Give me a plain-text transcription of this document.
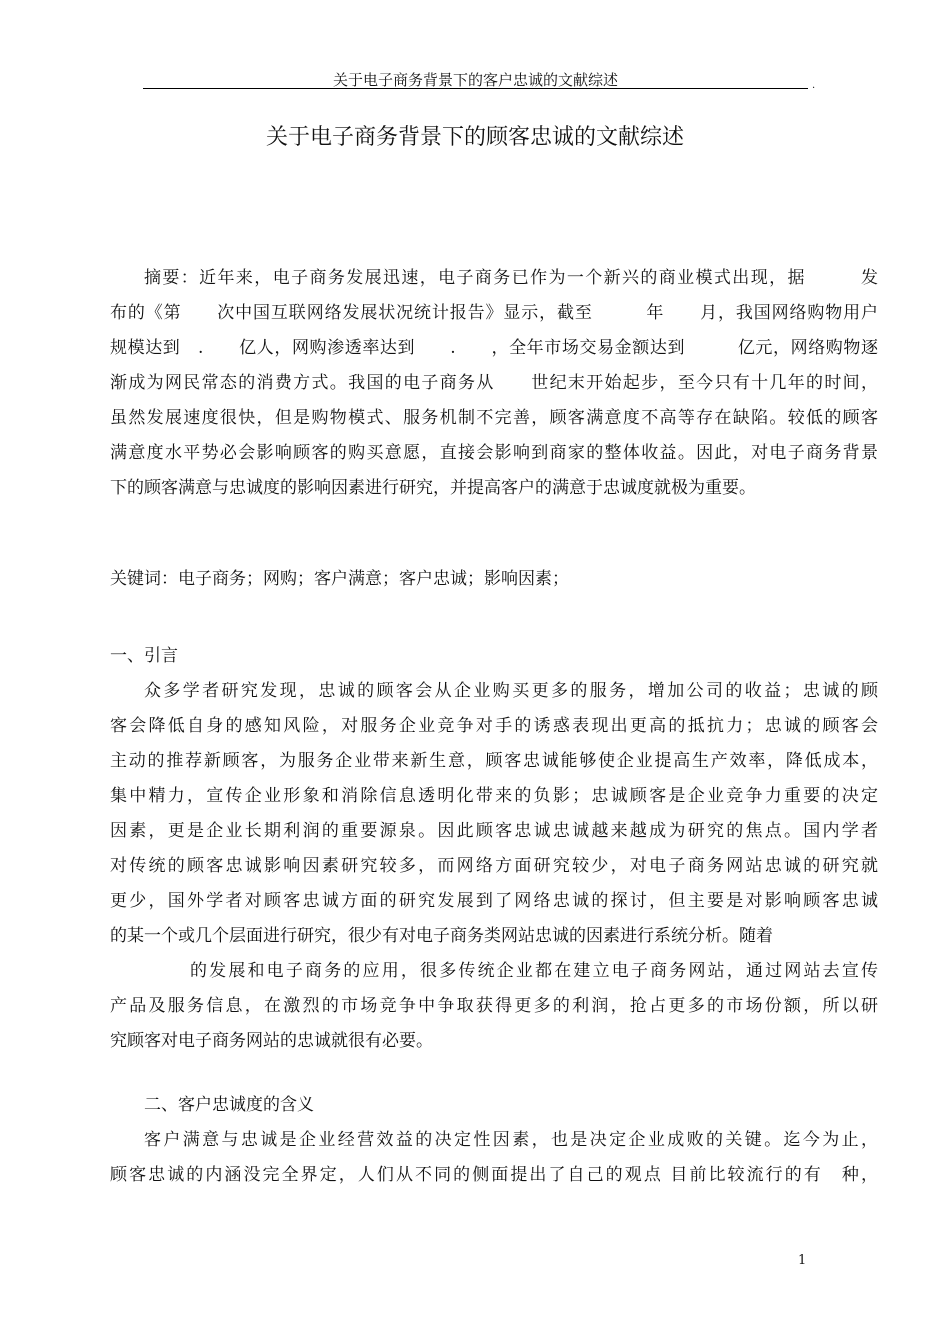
关于电子商务背景下的客户忠诚的文献综述	.
关于电子商务背景下的顾客忠诚的文献综述
摘要：近年来，电子商务发展迅速，电子商务已作为一个新兴的商业模式出现，据　　　发
布的《第　　次中国互联网络发展状况统计报告》显示，截至　　　年　　月，我国网络购物用户
规模达到　.　　亿人，网购渗透率达到　　.　　，全年市场交易金额达到　　　亿元，网络购物逐
渐成为网民常态的消费方式。我国的电子商务从　　世纪末开始起步，至今只有十几年的时间，
虽然发展速度很快，但是购物模式、服务机制不完善，顾客满意度不高等存在缺陷。较低的顾客
满意度水平势必会影响顾客的购买意愿，直接会影响到商家的整体收益。因此，对电子商务背景
下的顾客满意与忠诚度的影响因素进行研究，并提高客户的满意于忠诚度就极为重要。
关键词：电子商务；网购；客户满意；客户忠诚；影响因素；
一、引言
众多学者研究发现，忠诚的顾客会从企业购买更多的服务，增加公司的收益；忠诚的顾
客会降低自身的感知风险，对服务企业竞争对手的诱惑表现出更高的抵抗力；忠诚的顾客会
主动的推荐新顾客，为服务企业带来新生意，顾客忠诚能够使企业提高生产效率，降低成本，
集中精力，宣传企业形象和消除信息透明化带来的负影；忠诚顾客是企业竞争力重要的决定
因素，更是企业长期利润的重要源泉。因此顾客忠诚忠诚越来越成为研究的焦点。国内学者
对传统的顾客忠诚影响因素研究较多，而网络方面研究较少，对电子商务网站忠诚的研究就
更少，国外学者对顾客忠诚方面的研究发展到了网络忠诚的探讨，但主要是对影响顾客忠诚
的某一个或几个层面进行研究，很少有对电子商务类网站忠诚的因素进行系统分析。随着
的发展和电子商务的应用，很多传统企业都在建立电子商务网站，通过网站去宣传
产品及服务信息，在激烈的市场竞争中争取获得更多的利润，抢占更多的市场份额，所以研
究顾客对电子商务网站的忠诚就很有必要。
二、客户忠诚度的含义
客户满意与忠诚是企业经营效益的决定性因素，也是决定企业成败的关键。迄今为止，
顾客忠诚的内涵没完全界定，人们从不同的侧面提出了自己的观点 目前比较流行的有　种，
1
